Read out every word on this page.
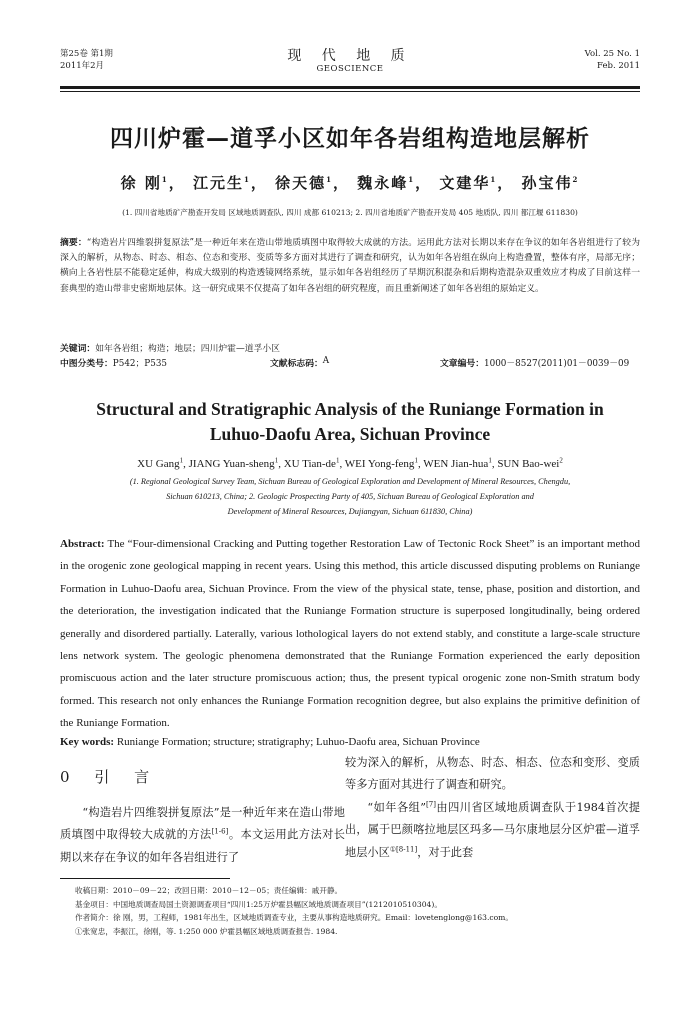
第25卷 第1期
2011年2月
现 代 地 质
GEOSCIENCE
Vol. 25 No. 1
Feb. 2011
四川炉霍—道孚小区如年各岩组构造地层解析
徐 刚$^1$， 江元生$^1$， 徐天德$^1$， 魏永峰$^1$， 文建华$^1$， 孙宝伟$^2$
(1. 四川省地质矿产勘查开发局 区域地质调查队, 四川 成都 610213; 2. 四川省地质矿产勘查开发局 405 地质队, 四川 都江堰 611830)
摘要：“构造岩片四维裂拼复原法”是一种近年来在造山带地质填图中取得较大成就的方法。运用此方法对长期以来存在争议的如年各岩组进行了较为深入的解析，从物态、时态、相态、位态和变形、变质等多方面对其进行了调查和研究，认为如年各岩组在纵向上构造叠置，整体有序，局部无序；横向上各岩性层不能稳定延伸，构成大级别的构造透镜网络系统，显示如年各岩组经历了早期沉积混杂和后期构造混杂双重效应才构成了目前这样一套典型的造山带非史密斯地层体。这一研究成果不仅提高了如年各岩组的研究程度，而且重新阐述了如年各岩组的原始定义。
关键词：如年各岩组；构造；地层；四川炉霍—道孚小区
中图分类号： P542；P535	文献标志码： A	文章编号： 1000－8527(2011)01－0039－09
Structural and Stratigraphic Analysis of the Runiange Formation in
Luhuo-Daofu Area, Sichuan Province
XU Gang$^1$, JIANG Yuan-sheng$^1$, XU Tian-$de^1$, WEI Yong-feng$^1$, WEN Jian-hua$^1$, SUN Bao-wei$^2$
(1. Regional Geological Survey Team, Sichuan Bureau of Geological Exploration and Development of Mineral Resources, Chengdu,
Sichuan 610213, China; 2. Geologic Prospecting Party of 405, Sichuan Bureau of Geological Exploration and
Development of Mineral Resources, Dujiangyan, Sichuan 611830, China)
Abstract: The “Four-dimensional Cracking and Putting together Restoration Law of Tectonic Rock Sheet” is an important method in the orogenic zone geological mapping in recent years. Using this method, this article discussed disputing problems on Runiange Formation in Luhuo-Daofu area, Sichuan Province. From the view of the physical state, tense, phase, position and distortion, and the deterioration, the investigation indicated that the Runiange Formation structure is superposed longitudinally, being ordered generally and disordered partially. Laterally, various lothological layers do not extend stably, and constitute a large-scale structure lens network system. The geologic phenomena demonstrated that the Runiange Formation experienced the early deposition promiscuous action and the later structure promiscuous action; thus, the present typical orogenic zone non-Smith stratum body formed. This research not only enhances the Runiange Formation recognition degree, but also explains the primitive definition of the Runiange Formation.
Key words: Runiange Formation; structure; stratigraphy; Luhuo-Daofu area, Sichuan Province
0 引 言

“构造岩片四维裂拼复原法”是一种近年来在造山带地质填图中取得较大成就的方法[1-6]。本文运用此方法对长期以来存在争议的如年各岩组进行了

较为深入的解析，从物态、时态、相态、位态和变形、变质等多方面对其进行了调查和研究。

“如年各组”[7]由四川省区域地质调查队于1984首次提出，属于巴颜喀拉地层区玛多—马尔康地层分区炉霍—道孚地层小区$^{①[8-11]}$，对于此套

收稿日期：2010－09－22；改回日期：2010－12－05；责任编辑：戚开静。
基金项目：中国地质调查局国土资源调查项目“四川1:25万炉霍县幅区域地质调查项目”(1212010510304)。
作者简介：徐 刚，男，工程师，1981年出生，区域地质调查专业，主要从事构造地质研究。Email：lovetenglong@163.com。
①张宽忠，李振江，徐刚，等. 1:250 000 炉霍县幅区域地质调查报告. 1984.
